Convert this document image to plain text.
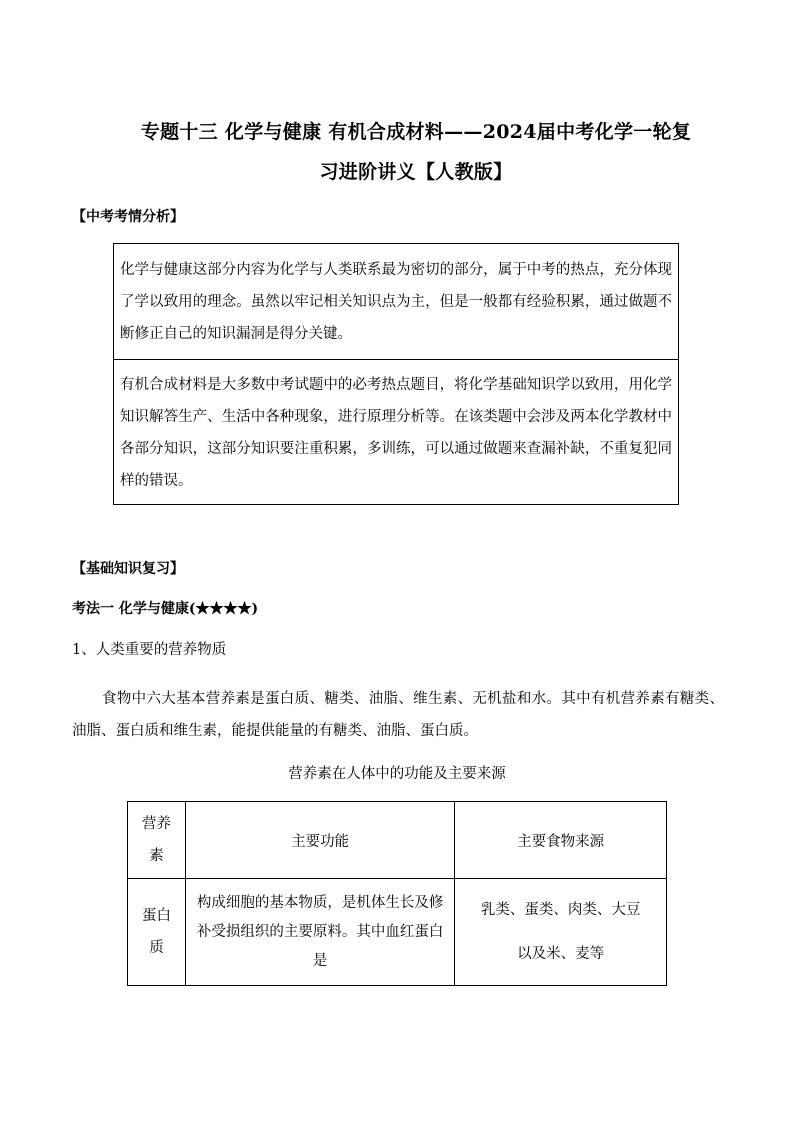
专题十三 化学与健康 有机合成材料——2024届中考化学一轮复
习进阶讲义【人教版】
【中考考情分析】
化学与健康这部分内容为化学与人类联系最为密切的部分，属于中考的热点，充分体现了学以致用的理念。虽然以牢记相关知识点为主，但是一般都有经验积累，通过做题不断修正自己的知识漏洞是得分关键。
有机合成材料是大多数中考试题中的必考热点题目，将化学基础知识学以致用，用化学知识解答生产、生活中各种现象，进行原理分析等。在该类题中会涉及两本化学教材中各部分知识，这部分知识要注重积累，多训练，可以通过做题来查漏补缺，不重复犯同样的错误。
【基础知识复习】
考法一 化学与健康(★★★★)
1、人类重要的营养物质
食物中六大基本营养素是蛋白质、糖类、油脂、维生素、无机盐和水。其中有机营养素有糖类、油脂、蛋白质和维生素，能提供能量的有糖类、油脂、蛋白质。
营养素在人体中的功能及主要来源
营养素	主要功能	主要食物来源
蛋白质	构成细胞的基本物质，是机体生长及修补受损组织的主要原料。其中血红蛋白是	乳类、蛋类、肉类、大豆以及米、麦等
